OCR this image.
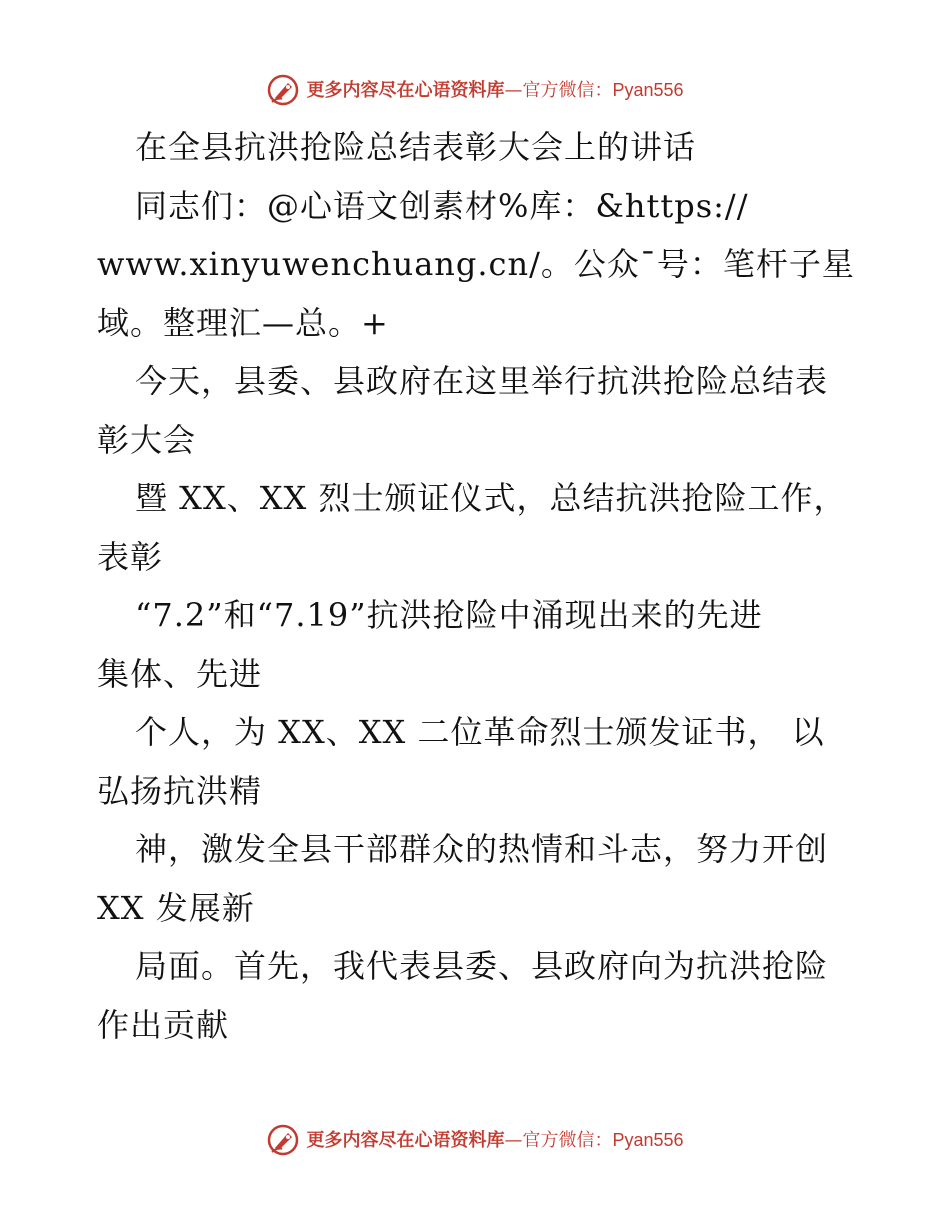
更多内容尽在心语资料库—官方微信：Pyan556
在全县抗洪抢险总结表彰大会上的讲话
同志们：@心语文创素材%库：&https://
www.xinyuwenchuang.cn/。公众¯号：笔杆子星
域。整理汇—总。+
今天，县委、县政府在这里举行抗洪抢险总结表
彰大会
暨 XX、XX 烈士颁证仪式，总结抗洪抢险工作，
表彰
“7.2”和“7.19”抗洪抢险中涌现出来的先进
集体、先进
个人，为 XX、XX 二位革命烈士颁发证书， 以
弘扬抗洪精
神，激发全县干部群众的热情和斗志，努力开创
XX 发展新
局面。首先，我代表县委、县政府向为抗洪抢险
作出贡献
更多内容尽在心语资料库—官方微信：Pyan556
